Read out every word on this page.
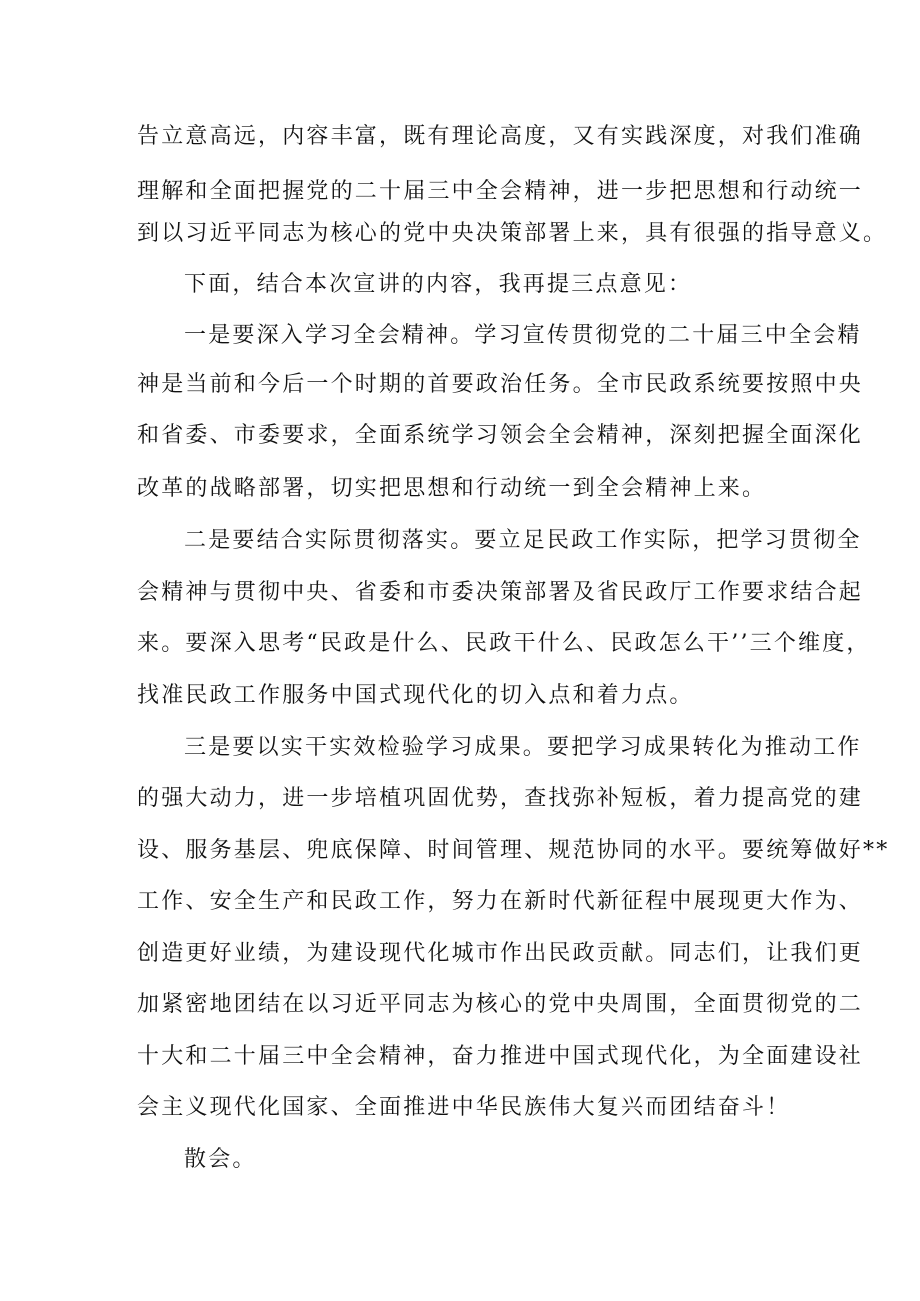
告立意高远，内容丰富，既有理论高度，又有实践深度，对我们准确

理解和全面把握党的二十届三中全会精神，进一步把思想和行动统一

到以习近平同志为核心的党中央决策部署上来，具有很强的指导意义。

下面，结合本次宣讲的内容，我再提三点意见：

一是要深入学习全会精神。学习宣传贯彻党的二十届三中全会精

神是当前和今后一个时期的首要政治任务。全市民政系统要按照中央

和省委、市委要求，全面系统学习领会全会精神，深刻把握全面深化

改革的战略部署，切实把思想和行动统一到全会精神上来。

二是要结合实际贯彻落实。要立足民政工作实际，把学习贯彻全

会精神与贯彻中央、省委和市委决策部署及省民政厅工作要求结合起

来。要深入思考“民政是什么、民政干什么、民政怎么干’’三个维度，

找准民政工作服务中国式现代化的切入点和着力点。

三是要以实干实效检验学习成果。要把学习成果转化为推动工作

的强大动力，进一步培植巩固优势，查找弥补短板，着力提高党的建

设、服务基层、兜底保障、时间管理、规范协同的水平。要统筹做好**

工作、安全生产和民政工作，努力在新时代新征程中展现更大作为、

创造更好业绩，为建设现代化城市作出民政贡献。同志们，让我们更

加紧密地团结在以习近平同志为核心的党中央周围，全面贯彻党的二

十大和二十届三中全会精神，奋力推进中国式现代化，为全面建设社

会主义现代化国家、全面推进中华民族伟大复兴而团结奋斗！

散会。
